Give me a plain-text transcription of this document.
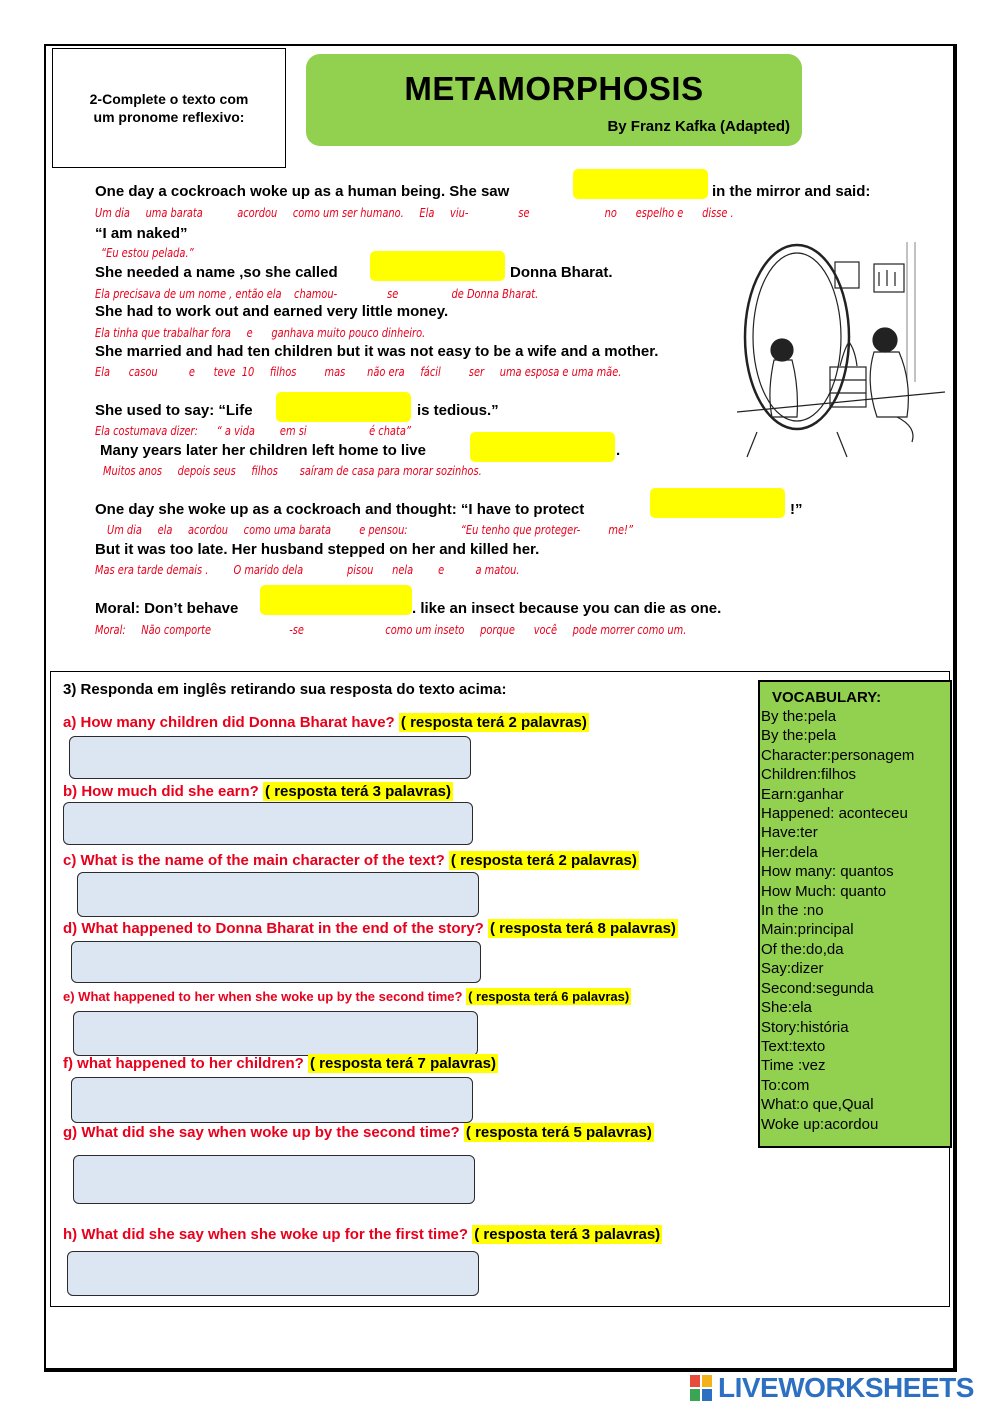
2-Complete o texto com
um pronome reflexivo:
METAMORPHOSIS
By Franz Kafka (Adapted)
One day a cockroach woke up as a human being. She saw	in the mirror and said:
Um dia     uma barata           acordou     como um ser humano.     Ela     viu-                se                        no      espelho e      disse .
“I am naked”
“Eu estou pelada.”
She needed a name ,so she called	Donna Bharat.
Ela precisava de um nome , então ela    chamou-                se                 de Donna Bharat.
She had to work out and earned very little money.
Ela tinha que trabalhar fora     e      ganhava muito pouco dinheiro.
She married and had ten children but it was not easy to be a wife and a mother.
Ela      casou          e      teve  10     filhos         mas       não era     fácil         ser     uma esposa e uma mãe.
She used to say: “Life	is tedious.”
Ela costumava dizer:      “ a vida        em si                    é chata”
Many years later her children left home to live	.
Muitos anos     depois seus     filhos       saíram de casa para morar sozinhos.
One day she woke up as a cockroach and thought: “I have to protect	!”
Um dia     ela     acordou     como uma barata         e pensou:                 “Eu tenho que proteger-         me!”
But it was too late. Her husband stepped on her and killed her.
Mas era tarde demais .        O marido dela              pisou      nela        e          a matou.
Moral: Don’t behave	. like an insect because you can die as one.
Moral:     Não comporte                         -se                          como um inseto     porque      você     pode morrer como um.
3) Responda em inglês retirando sua resposta do texto acima:
a) How many children did Donna Bharat have? ( resposta terá 2 palavras)
b) How much did she earn? ( resposta terá 3 palavras)
c) What is the name of the main character of the text? ( resposta terá 2 palavras)
d) What happened to Donna Bharat in the end of the story? ( resposta terá 8 palavras)
e) What happened to her when she woke up by the second time? ( resposta terá 6 palavras)
f) what happened to her children? ( resposta terá 7 palavras)
g) What did she say when woke up by the second time? ( resposta terá 5 palavras)
h) What did she say when she woke up for the first time? ( resposta terá 3 palavras)
VOCABULARY:
By the:pela
By the:pela
Character:personagem
Children:filhos
Earn:ganhar
Happened: aconteceu
Have:ter
Her:dela
How many: quantos
How Much: quanto
In the :no
Main:principal
Of the:do,da
Say:dizer
Second:segunda
She:ela
Story:história
Text:texto
Time :vez
To:com
What:o que,Qual
Woke up:acordou
LIVEWORKSHEETS
